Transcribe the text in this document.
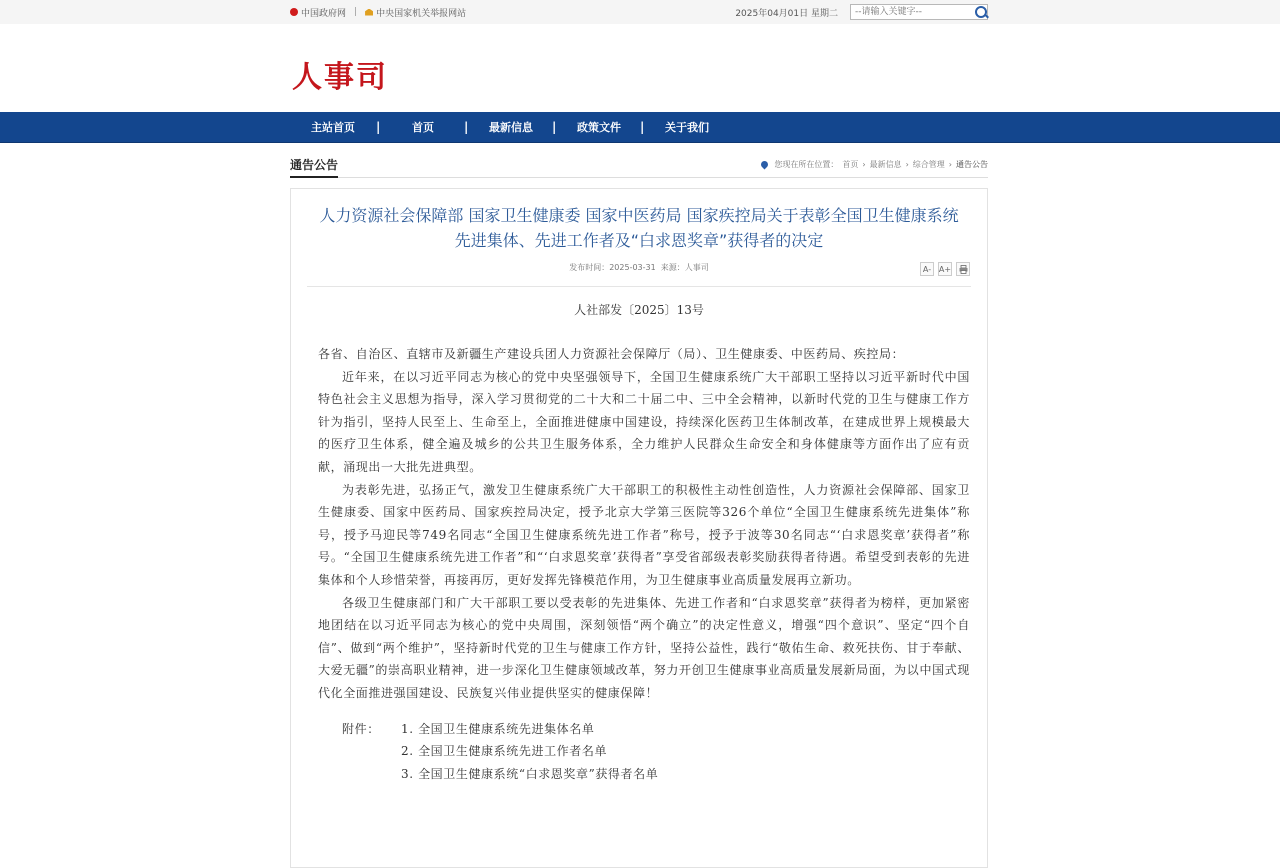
中国政府网 | 中央国家机关举报网站	2025年04月01日 星期二
--请输入关键字--
人事司
主站首页	|	首页	|	最新信息	|	政策文件	|	关于我们
通告公告	您现在所在位置： 首页 › 最新信息 › 综合管理 › 通告公告
人力资源社会保障部 国家卫生健康委 国家中医药局 国家疾控局关于表彰全国卫生健康系统
先进集体、先进工作者及“白求恩奖章”获得者的决定
发布时间：2025-03-31 来源：人事司	A- A+
人社部发〔2025〕13号

各省、自治区、直辖市及新疆生产建设兵团人力资源社会保障厅（局）、卫生健康委、中医药局、疾控局：

近年来，在以习近平同志为核心的党中央坚强领导下，全国卫生健康系统广大干部职工坚持以习近平新时代中国特色社会主义思想为指导，深入学习贯彻党的二十大和二十届二中、三中全会精神，以新时代党的卫生与健康工作方针为指引，坚持人民至上、生命至上，全面推进健康中国建设，持续深化医药卫生体制改革，在建成世界上规模最大的医疗卫生体系，健全遍及城乡的公共卫生服务体系，全力维护人民群众生命安全和身体健康等方面作出了应有贡献，涌现出一大批先进典型。

为表彰先进，弘扬正气，激发卫生健康系统广大干部职工的积极性主动性创造性，人力资源社会保障部、国家卫生健康委、国家中医药局、国家疾控局决定，授予北京大学第三医院等326个单位“全国卫生健康系统先进集体”称号，授予马迎民等749名同志“全国卫生健康系统先进工作者”称号，授予于波等30名同志“‘白求恩奖章’获得者”称号。“全国卫生健康系统先进工作者”和“‘白求恩奖章’获得者”享受省部级表彰奖励获得者待遇。希望受到表彰的先进集体和个人珍惜荣誉，再接再厉，更好发挥先锋模范作用，为卫生健康事业高质量发展再立新功。

各级卫生健康部门和广大干部职工要以受表彰的先进集体、先进工作者和“白求恩奖章”获得者为榜样，更加紧密地团结在以习近平同志为核心的党中央周围，深刻领悟“两个确立”的决定性意义，增强“四个意识”、坚定“四个自信”、做到“两个维护”，坚持新时代党的卫生与健康工作方针，坚持公益性，践行“敬佑生命、救死扶伤、甘于奉献、大爱无疆”的崇高职业精神，进一步深化卫生健康领域改革，努力开创卫生健康事业高质量发展新局面，为以中国式现代化全面推进强国建设、民族复兴伟业提供坚实的健康保障！

附件：	1. 全国卫生健康系统先进集体名单
2. 全国卫生健康系统先进工作者名单
3. 全国卫生健康系统“白求恩奖章”获得者名单
